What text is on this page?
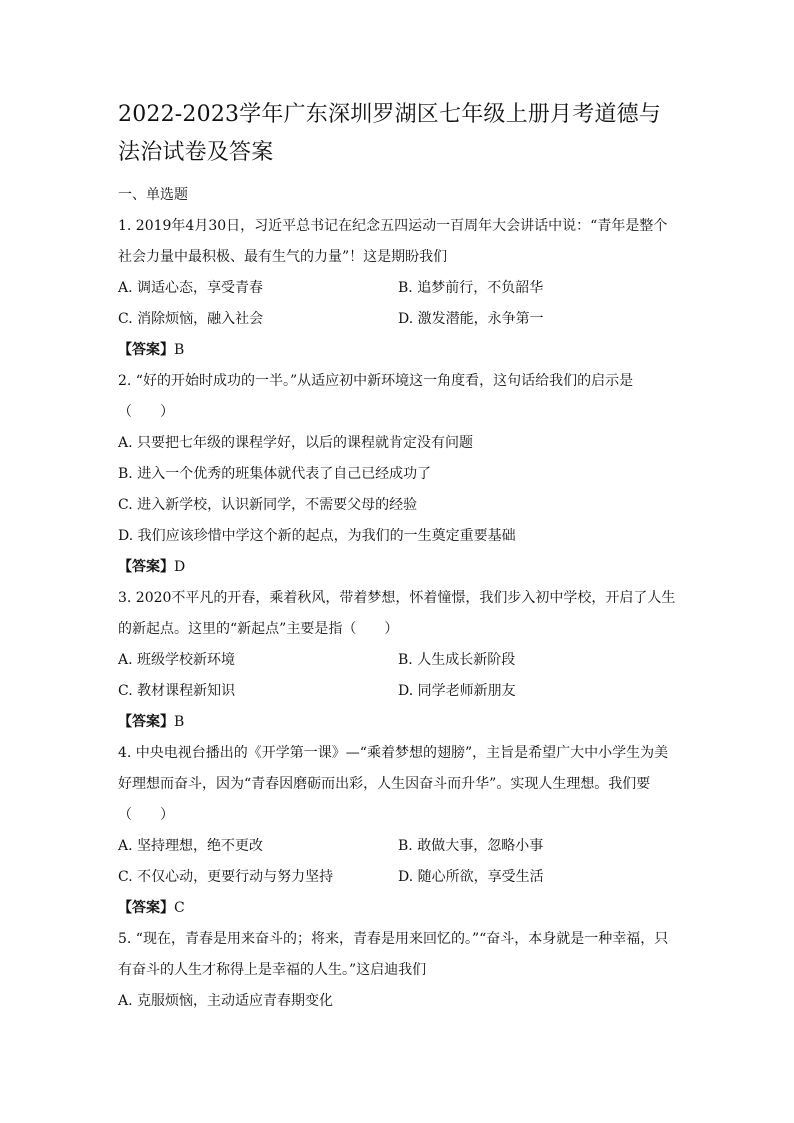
2022-2023学年广东深圳罗湖区七年级上册月考道德与法治试卷及答案

一、单选题

1. 2019年4月30日，习近平总书记在纪念五四运动一百周年大会讲话中说：“青年是整个社会力量中最积极、最有生气的力量”！这是期盼我们

A. 调适心态，享受青春	B. 追梦前行，不负韶华
C. 消除烦恼，融入社会	D. 激发潜能，永争第一

【答案】B

2. “好的开始时成功的一半。”从适应初中新环境这一角度看，这句话给我们的启示是（　　）

A. 只要把七年级的课程学好，以后的课程就肯定没有问题
B. 进入一个优秀的班集体就代表了自己已经成功了
C. 进入新学校，认识新同学，不需要父母的经验
D. 我们应该珍惜中学这个新的起点，为我们的一生奠定重要基础

【答案】D

3. 2020不平凡的开春，乘着秋风，带着梦想，怀着憧憬，我们步入初中学校，开启了人生的新起点。这里的“新起点”主要是指（　　）

A. 班级学校新环境	B. 人生成长新阶段
C. 教材课程新知识	D. 同学老师新朋友

【答案】B

4. 中央电视台播出的《开学第一课》—“乘着梦想的翅膀”，主旨是希望广大中小学生为美好理想而奋斗，因为“青春因磨砺而出彩，人生因奋斗而升华”。实现人生理想。我们要（　　）

A. 坚持理想，绝不更改	B. 敢做大事，忽略小事
C. 不仅心动，更要行动与努力坚持	D. 随心所欲，享受生活

【答案】C

5. “现在，青春是用来奋斗的；将来，青春是用来回忆的。”“奋斗，本身就是一种幸福，只有奋斗的人生才称得上是幸福的人生。”这启迪我们

A. 克服烦恼，主动适应青春期变化
